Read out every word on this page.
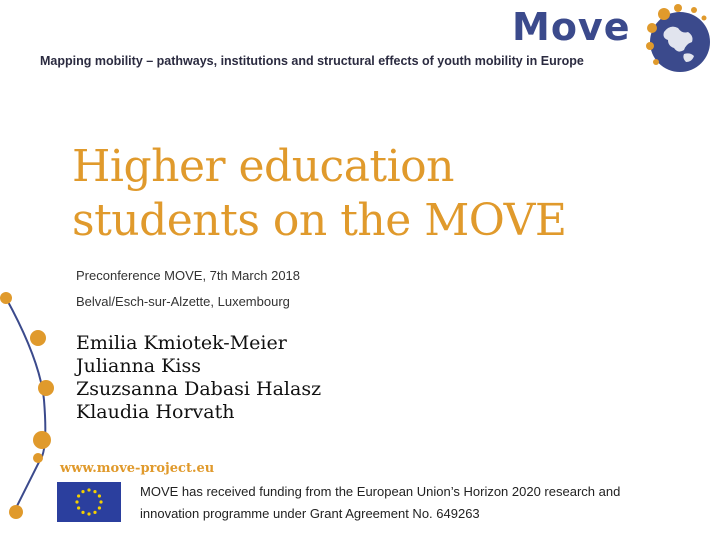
Move
Mapping mobility – pathways, institutions and structural effects of youth mobility in Europe
Higher education
students on the MOVE
Preconference MOVE, 7th March 2018
Belval/Esch-sur-Alzette, Luxembourg
Emilia Kmiotek-Meier
Julianna Kiss
Zsuzsanna Dabasi Halasz
Klaudia Horvath
www.move-project.eu
MOVE has received funding from the European Union’s Horizon 2020 research and
innovation programme under Grant Agreement No. 649263
